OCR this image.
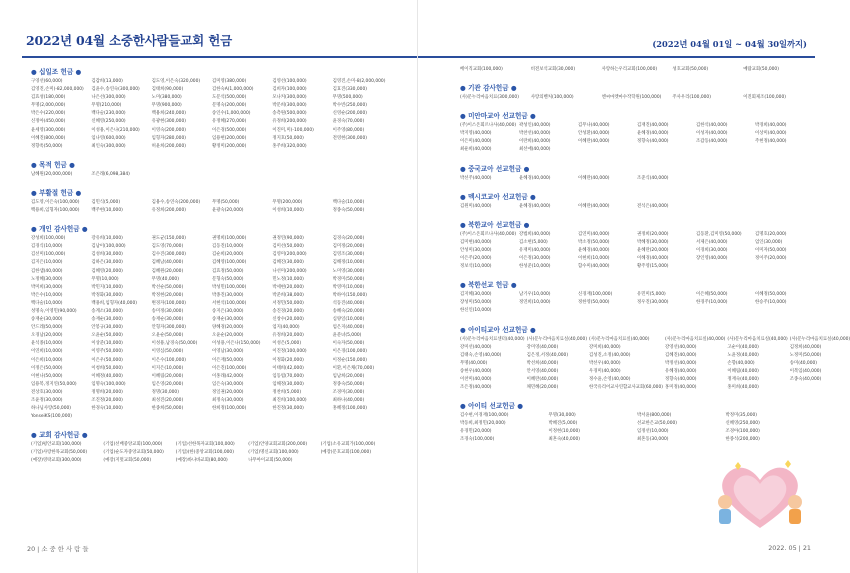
2022년 04월 소중한사람들교회 헌금
● 십일조 헌금 ●
구영선(60,000)	김갑희(13,000)	김도영,이은숙(320,000)	김미영(380,000)	김영선(100,000)	김영진,손미-8(2,000,000)
김영진,손미(-82,000,000)	김윤수,송연숙(300,000)	김태희(90,000)	김한숙A(1,000,000)	김희자(100,000)	김효진(330,000)
김효성(180,000)	나은선(300,000)	노미(380,000)	도문석(500,000)	모나커(300,000)	무명(500,000)
무명(2,000,000)	무명(210,000)	무명(900,000)	문명숙(200,000)	박문희(300,000)	박수빈(250,000)
박은수(220,000)	백다술(230,000)	백용희(240,000)	송인수(1,000,000)	송측원(500,000)	신영순(200,000)
신정아(450,000)	신혜영(250,000)	유광현(300,000)	유정혜(270,000)	유정희(200,000)	윤경숙(70,000)
윤세영(300,000)	이성용,이은나(210,000)	이영숙(200,000)	이은경(500,000)	이진미,미(-100,000)	이주영(80,000)
이혜진(800,000)	임나영(600,000)	임형자(280,000)	임용현(200,000)	정지호(50,000)	전영현(300,000)
정향옥(50,000)	최인숙(300,000)	허윤희(200,000)	황정미(200,000)	홍주희(320,000)
● 목적 헌금 ●
남혜원(20,000,000)	조은래(6,098,384)
● 부활절 헌금 ●
김도영,이은숙(100,000)	김민식(5,000)	김용수,송연숙(200,000)	무명(50,000)	무명(200,000)	백다술(10,000)
백용희,임형자(100,000)	백주현(10,000)	유정희(200,000)	윤광숙(20,000)	이성희(10,000)	정종숙(50,000)
● 개인 감사헌금 ●
강성희(100,000)	강유희(10,000)	권도균(150,000)	권명희(100,000)	권정연(90,000)	김경숙(20,000)
김경식(10,000)	김남이(100,000)	김도영(70,000)	김동진(10,000)	김미선(50,000)	김미정(20,000)
김선미(100,000)	김성희(30,000)	김수진(300,000)	김순희(20,000)	김영미(200,000)	김영조(30,000)
김지은(10,000)	김하은(30,000)	김혜남(40,000)	김혜영(100,000)	김혜진(30,000)	김해정(10,000)
김한샘(40,000)	김혜영(20,000)	김혜원(20,000)	김효정(50,000)	나선미(200,000)	노미영(30,000)
노정혜(30,000)	무명(10,000)	무명(40,000)	문형숙(50,000)	민노정(10,000)	박경미(50,000)
박미희(30,000)	박민지(10,000)	박선순(50,000)	박성민(100,000)	박세현(20,000)	박영미(10,000)
박은수(10,000)	박정화(30,000)	박정현(20,000)	박종진(30,000)	박준희(38,000)	박하이(150,000)
백다술(10,000)	백용희,임형자(40,000)	변경자(100,000)	서현석(100,000)	서정민(50,000)	석동진(40,000)
성명숙,이영민(90,000)	송계소(30,000)	송미정(30,000)	송지은(30,000)	송진경(20,000)	송혜숙(20,000)
송재순(30,000)	송재순(30,000)	송재순(30,000)	송재순(30,000)	신창수(20,000)	심양일(10,000)
안드레(50,000)	안봉규(30,000)	안형자(300,000)	양혜경(20,000)	엄지(40,000)	엄은지(40,000)
오경남(20,000)	오윤순(50,000)	오윤순(50,000)	오윤순(20,000)	유정희(20,000)	윤분녀(5,000)
윤석종(10,000)	이상준(10,000)	이성용,남경숙(50,000)	이성용,이은나(150,000)	이성은(5,000)	이숙자(50,000)
이연희(10,000)	이영주(50,000)	이영심(50,000)	이영남(30,000)	이진정(100,000)	이은경(100,000)
이은희(10,000)	이은우(50,000)	이은수(100,000)	이은재(50,000)	이정화(20,000)	이정순(150,000)
이정은(50,000)	이청희(50,000)	이지은(10,000)	이은진(100,000)	이태희(42,000)	이환,이은채(70,000)
이현나(50,000)	이혜정(40,000)	이혜림(20,000)	이홍래(42,000)	임동엽(70,000)	임남희(20,000)
임용복,정지연(50,000)	임명숙(100,000)	임은영(20,000)	임은숙(30,000)	임해정(30,000)	정종숙(50,000)
전상호(30,000)	정명희(20,000)	정명(30,000)	정일권(20,000)	정찬희(5,000)	조경미(30,000)
조윤정(30,000)	조진정(20,000)	최성진(20,000)	최정숙(30,000)	최진희(100,000)	최하나(40,000)
하나님사랑(50,000)	한경숙(10,000)	한종희(50,000)	한희정(100,000)	한진정(30,000)	홍혜정(100,000)
YonseiKS(100,000)
● 교회 감사헌금 ●
(기업)평안교회(100,000)	(기업)선배중앙교회(100,000)	(기업)선한목자교회(100,000)	(기업)안양교회교회(200,000)	(기업)소유교회가(100,000)
(기업)사랑한목교회(50,000)	(기업)순도자중앙교회(50,000)	(기업)(한)중앙교회(100,000)	(기업)명신교회(100,000)	(예장)문호교회(100,000)
(예장)영락교회(300,000)	(예장)지멋교회(50,000)	(예장)바나바교회(80,000)	나무아이교회(50,000)
20 | 소 중 한 사 람 들
(2022년 04월 01일 ~ 04월 30일까지)
베이직교회(100,000)	비전보석교회(30,000)	사랑하는우리교회(100,000)	성호교회(50,000)	예람교회(50,000)
● 기관 감사헌금 ●
(사)문누리마음치료(300,000)	사랑의벤처(100,000)	엔씨마켓마수작학원(100,000)	주사우리(100,000)	이진회제조(100,000)
● 미안마교아 선교헌금 ●
(주)이스온회르나사(40,000) 곽성인(40,000)	김무나(40,000)	김재진(40,000)	김한석(40,000)	박경희(40,000)
박지영(40,000)	박찬선(40,000)	안성환(40,000)	윤혜경(40,000)	이성자(40,000)	이상미(40,000)
이은미(40,000)	이란희(40,000)	이혜란(40,000)	정향숙(40,000)	조갑동(40,000)	주현정(40,000)
최운희(40,000)	최선애(40,000)
● 중국교아 선교헌금 ●
박선주(40,000)	윤혜경(40,000)	이혜란(40,000)	조준식(40,000)
● 멕시코교아 선교헌금 ●
김원미(40,000)	윤혜경(40,000)	이혜란(40,000)	전석은(40,000)
● 북한교아 선교헌금 ●
(주)이스온회르나사(40,000) 강법희(40,000)	김연미(40,000)	권정희(20,000)	김동환,김미영(50,000)	김명호(20,000)
김미현(40,000)	김소현(5,000)	박소정(50,000)	박혜정(30,000)	서제은(40,000)	엄인(30,000)
안성미(30,000)	유재미(40,000)	윤혜경(40,000)	윤혜란(20,000)	이경희(30,000)	이미자(50,000)
이은주(20,000)	이은정(30,000)	이현희(10,000)	이혜경(40,000)	장인영(40,000)	정이주(20,000)
정보석(10,000)	한성준(10,000)	함수미(40,000)	황주영(15,000)
● 북한선교 헌금 ●
김지혜(30,000)	남기우(10,000)	신경재(100,000)	유민미(5,000)	이은혜(50,000)	이혜정(50,000)
장성미(50,000)	정연희(10,000)	정한영(50,000)	정우진(30,000)	한경주(10,000)	한승주(10,000)
한신인(10,000)
● 아이티교아 선교헌금 ●
(사)문누리마음치료센터(40,000) (사)문누리마음치료실(40,000) (사)문누리마음치료실(40,000)	(사)문누리마음치료실(40,000) (사)문누리마음치료실(40,000) (사)문누리마음치료실(40,000)
강미선(40,000)	강미영(40,000)	강미희(40,000)	강영선(40,000)	고순이(40,000)	김정희(40,000)
김태숙,손영(40,000)	김은정,서정(40,000)	김성진,소정(40,000)	김혜진(40,000)	노윤정(40,000)	노정미(50,000)
무명(40,000)	박선희(40,000)	박선우(40,000)	박정선(40,000)	손향(40,000)	송미(40,000)
송현우(40,000)	안서영(40,000)	우경미(40,000)	유혜경(40,000)	이혜림(40,000)	이복임(40,000)
이찬미(40,000)	이혜란(40,000)	정수윤,손영(40,000)	정향숙(40,000)	정재숙(40,000)	조종숙(40,000)
조은정(40,000)	채민혜(20,000)	한국유리어교사연합교사교회(60,000) 홍미정(40,000)	홍미희(40,000)
● 아이티 선교헌금 ●
김수현,이경재(100,000)	무명(30,000)	박서윤(800,000)	박정미(35,000)
박동희,최정민(20,000)	박혜진(5,000)	선교한은교(50,000)	신혜영(250,000)
유경민(20,000)	이정현(10,000)	임정선(10,000)	조경아(100,000)
조경숙(100,000)	최혼숙(40,000)	최혼동(30,000)	한종석(200,000)
2022. 05 | 21
